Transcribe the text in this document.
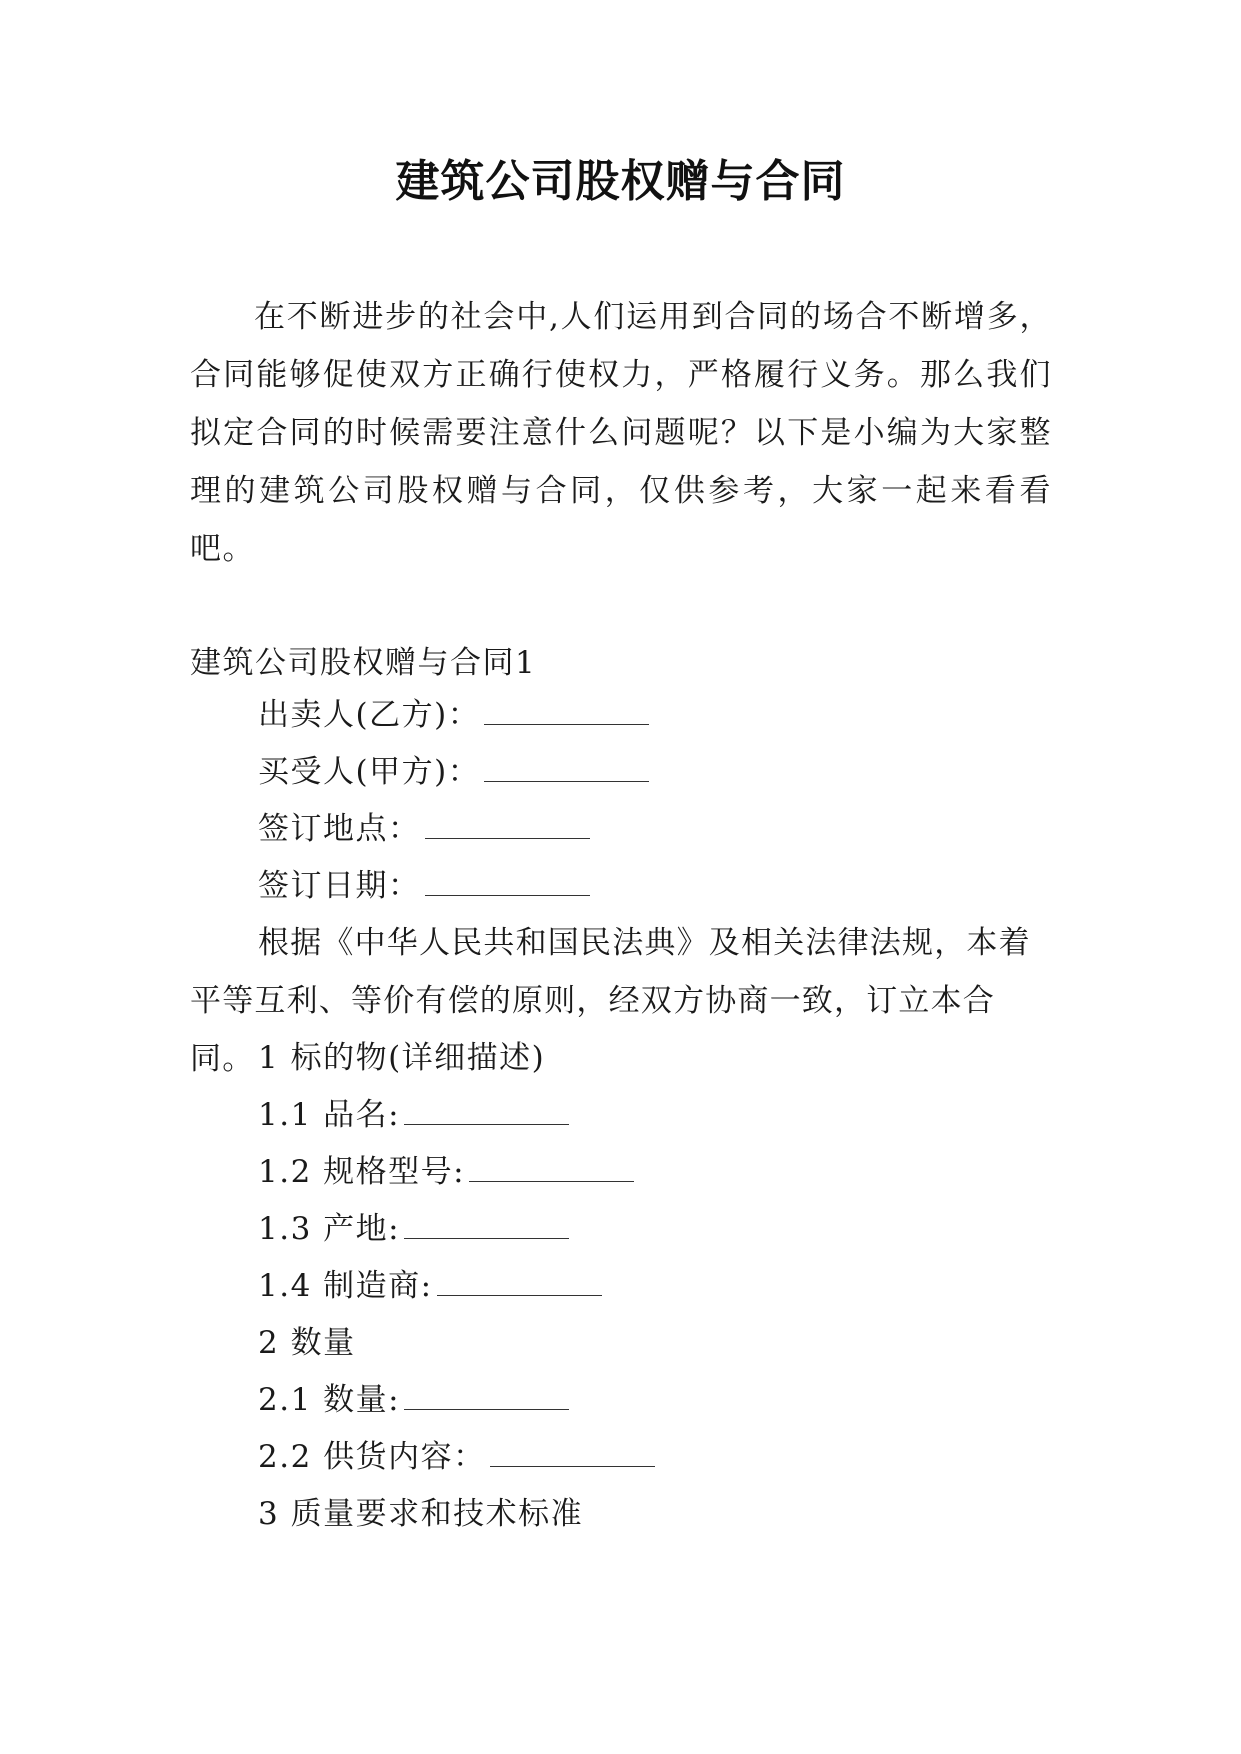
建筑公司股权赠与合同

在不断进步的社会中,人们运用到合同的场合不断增多，合同能够促使双方正确行使权力，严格履行义务。那么我们拟定合同的时候需要注意什么问题呢？以下是小编为大家整理的建筑公司股权赠与合同，仅供参考，大家一起来看看吧。

建筑公司股权赠与合同1

出卖人(乙方)：

买受人(甲方)：

签订地点：

签订日期：

根据《中华人民共和国民法典》及相关法律法规，本着平等互利、等价有偿的原则，经双方协商一致，订立本合同。 1 标的物(详细描述)

1.1 品名:

1.2 规格型号:

1.3 产地:

1.4 制造商:

2 数量

2.1 数量:

2.2 供货内容：

3 质量要求和技术标准
